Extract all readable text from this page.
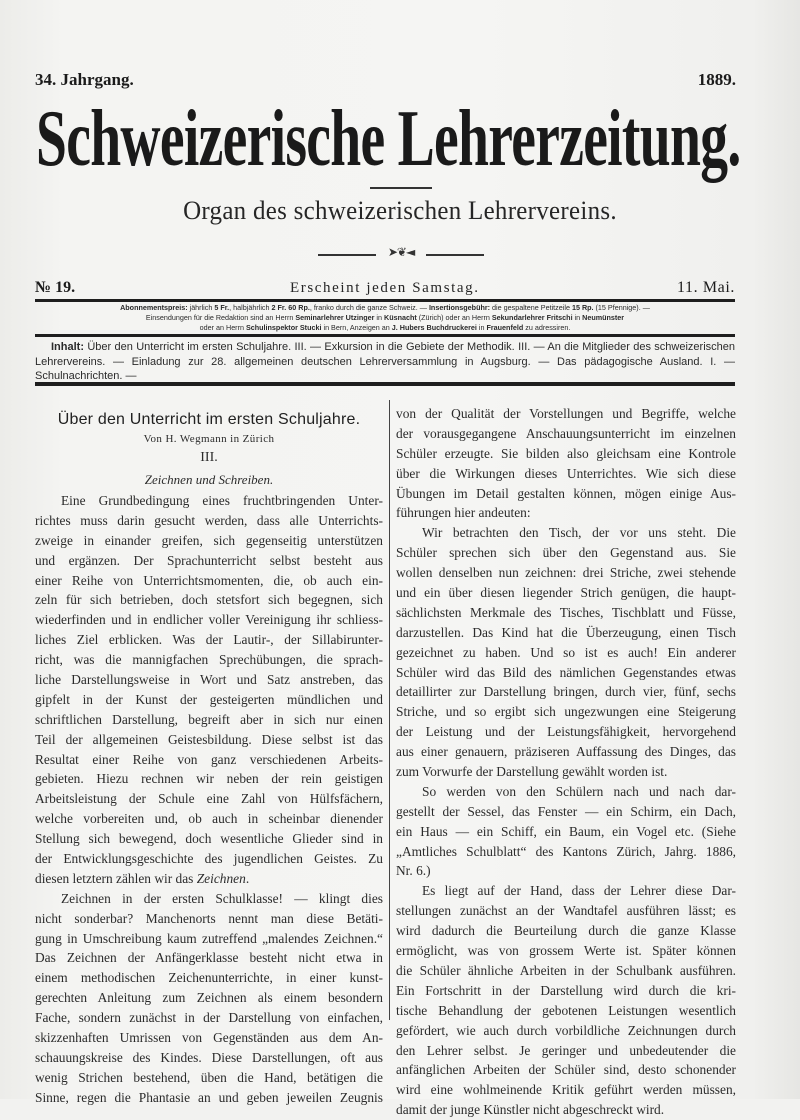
34. Jahrgang.	1889.
Schweizerische Lehrerzeitung.
Organ des schweizerischen Lehrervereins.
➤❦◄
№ 19.	Erscheint jeden Samstag.	11. Mai.
Abonnementspreis: jährlich 5 Fr., halbjährlich 2 Fr. 60 Rp., franko durch die ganze Schweiz. — Insertionsgebühr: die gespaltene Petitzeile 15 Rp. (15 Pfennige). —
Einsendungen für die Redaktion sind an Herrn Seminarlehrer Utzinger in Küsnacht (Zürich) oder an Herrn Sekundarlehrer Fritschi in Neumünster
oder an Herrn Schulinspektor Stucki in Bern, Anzeigen an J. Hubers Buchdruckerei in Frauenfeld zu adressiren.
Inhalt: Über den Unterricht im ersten Schuljahre. III. — Exkursion in die Gebiete der Methodik. III. — An die Mitglieder des schweizerischen Lehrervereins. — Einladung zur 28. allgemeinen deutschen Lehrerversammlung in Augsburg. — Das pädagogische Ausland. I. — Schulnachrichten. —
Über den Unterricht im ersten Schuljahre.
Von H. Wegmann in Zürich
III.
Zeichnen und Schreiben.
Eine Grundbedingung eines fruchtbringenden Unter-
richtes muss darin gesucht werden, dass alle Unterrichts-
zweige in einander greifen, sich gegenseitig unterstützen
und ergänzen. Der Sprachunterricht selbst besteht aus
einer Reihe von Unterrichtsmomenten, die, ob auch ein-
zeln für sich betrieben, doch stetsfort sich begegnen, sich
wiederfinden und in endlicher voller Vereinigung ihr schliess-
liches Ziel erblicken. Was der Lautir-, der Sillabirunter-
richt, was die mannigfachen Sprechübungen, die sprach-
liche Darstellungsweise in Wort und Satz anstreben, das
gipfelt in der Kunst der gesteigerten mündlichen und
schriftlichen Darstellung, begreift aber in sich nur einen
Teil der allgemeinen Geistesbildung. Diese selbst ist das
Resultat einer Reihe von ganz verschiedenen Arbeits-
gebieten. Hiezu rechnen wir neben der rein geistigen
Arbeitsleistung der Schule eine Zahl von Hülfsfächern,
welche vorbereiten und, ob auch in scheinbar dienender
Stellung sich bewegend, doch wesentliche Glieder sind in
der Entwicklungsgeschichte des jugendlichen Geistes. Zu
diesen letztern zählen wir das Zeichnen.
Zeichnen in der ersten Schulklasse! — klingt dies
nicht sonderbar? Manchenorts nennt man diese Betäti-
gung in Umschreibung kaum zutreffend „malendes Zeichnen.“
Das Zeichnen der Anfängerklasse besteht nicht etwa in
einem methodischen Zeichenunterrichte, in einer kunst-
gerechten Anleitung zum Zeichnen als einem besondern
Fache, sondern zunächst in der Darstellung von einfachen,
skizzenhaften Umrissen von Gegenständen aus dem An-
schauungskreise des Kindes. Diese Darstellungen, oft aus
wenig Strichen bestehend, üben die Hand, betätigen die
Sinne, regen die Phantasie an und geben jeweilen Zeugnis
von der Qualität der Vorstellungen und Begriffe, welche
der vorausgegangene Anschauungsunterricht im einzelnen
Schüler erzeugte. Sie bilden also gleichsam eine Kontrole
über die Wirkungen dieses Unterrichtes. Wie sich diese
Übungen im Detail gestalten können, mögen einige Aus-
führungen hier andeuten:
Wir betrachten den Tisch, der vor uns steht. Die
Schüler sprechen sich über den Gegenstand aus. Sie
wollen denselben nun zeichnen: drei Striche, zwei stehende
und ein über diesen liegender Strich genügen, die haupt-
sächlichsten Merkmale des Tisches, Tischblatt und Füsse,
darzustellen. Das Kind hat die Überzeugung, einen Tisch
gezeichnet zu haben. Und so ist es auch! Ein anderer
Schüler wird das Bild des nämlichen Gegenstandes etwas
detaillirter zur Darstellung bringen, durch vier, fünf, sechs
Striche, und so ergibt sich ungezwungen eine Steigerung
der Leistung und der Leistungsfähigkeit, hervorgehend
aus einer genauern, präziseren Auffassung des Dinges, das
zum Vorwurfe der Darstellung gewählt worden ist.
So werden von den Schülern nach und nach dar-
gestellt der Sessel, das Fenster — ein Schirm, ein Dach,
ein Haus — ein Schiff, ein Baum, ein Vogel etc. (Siehe
„Amtliches Schulblatt“ des Kantons Zürich, Jahrg. 1886,
Nr. 6.)
Es liegt auf der Hand, dass der Lehrer diese Dar-
stellungen zunächst an der Wandtafel ausführen lässt; es
wird dadurch die Beurteilung durch die ganze Klasse
ermöglicht, was von grossem Werte ist. Später können
die Schüler ähnliche Arbeiten in der Schulbank ausführen.
Ein Fortschritt in der Darstellung wird durch die kri-
tische Behandlung der gebotenen Leistungen wesentlich
gefördert, wie auch durch vorbildliche Zeichnungen durch
den Lehrer selbst. Je geringer und unbedeutender die
anfänglichen Arbeiten der Schüler sind, desto schonender
wird eine wohlmeinende Kritik geführt werden müssen,
damit der junge Künstler nicht abgeschreckt wird.
